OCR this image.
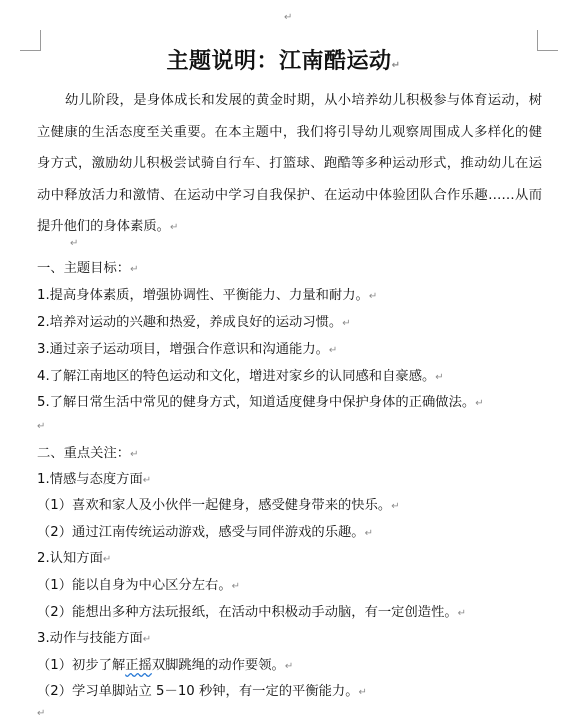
↵
主题说明：江南酷运动↵
幼儿阶段，是身体成长和发展的黄金时期，从小培养幼儿积极参与体育运动，树立健康的生活态度至关重要。在本主题中，我们将引导幼儿观察周围成人多样化的健身方式，激励幼儿积极尝试骑自行车、打篮球、跑酷等多种运动形式，推动幼儿在运动中释放活力和激情、在运动中学习自我保护、在运动中体验团队合作乐趣……从而提升他们的身体素质。↵
↵
一、主题目标：↵
1.提高身体素质，增强协调性、平衡能力、力量和耐力。↵
2.培养对运动的兴趣和热爱，养成良好的运动习惯。↵
3.通过亲子运动项目，增强合作意识和沟通能力。↵
4.了解江南地区的特色运动和文化，增进对家乡的认同感和自豪感。↵
5.了解日常生活中常见的健身方式，知道适度健身中保护身体的正确做法。↵
↵
二、重点关注：↵
1.情感与态度方面↵
（1）喜欢和家人及小伙伴一起健身，感受健身带来的快乐。↵
（2）通过江南传统运动游戏，感受与同伴游戏的乐趣。↵
2.认知方面↵
（1）能以自身为中心区分左右。↵
（2）能想出多种方法玩报纸，在活动中积极动手动脑，有一定创造性。↵
3.动作与技能方面↵
（1）初步了解正摇双脚跳绳的动作要领。↵
（2）学习单脚站立 5－10 秒钟，有一定的平衡能力。↵
↵
